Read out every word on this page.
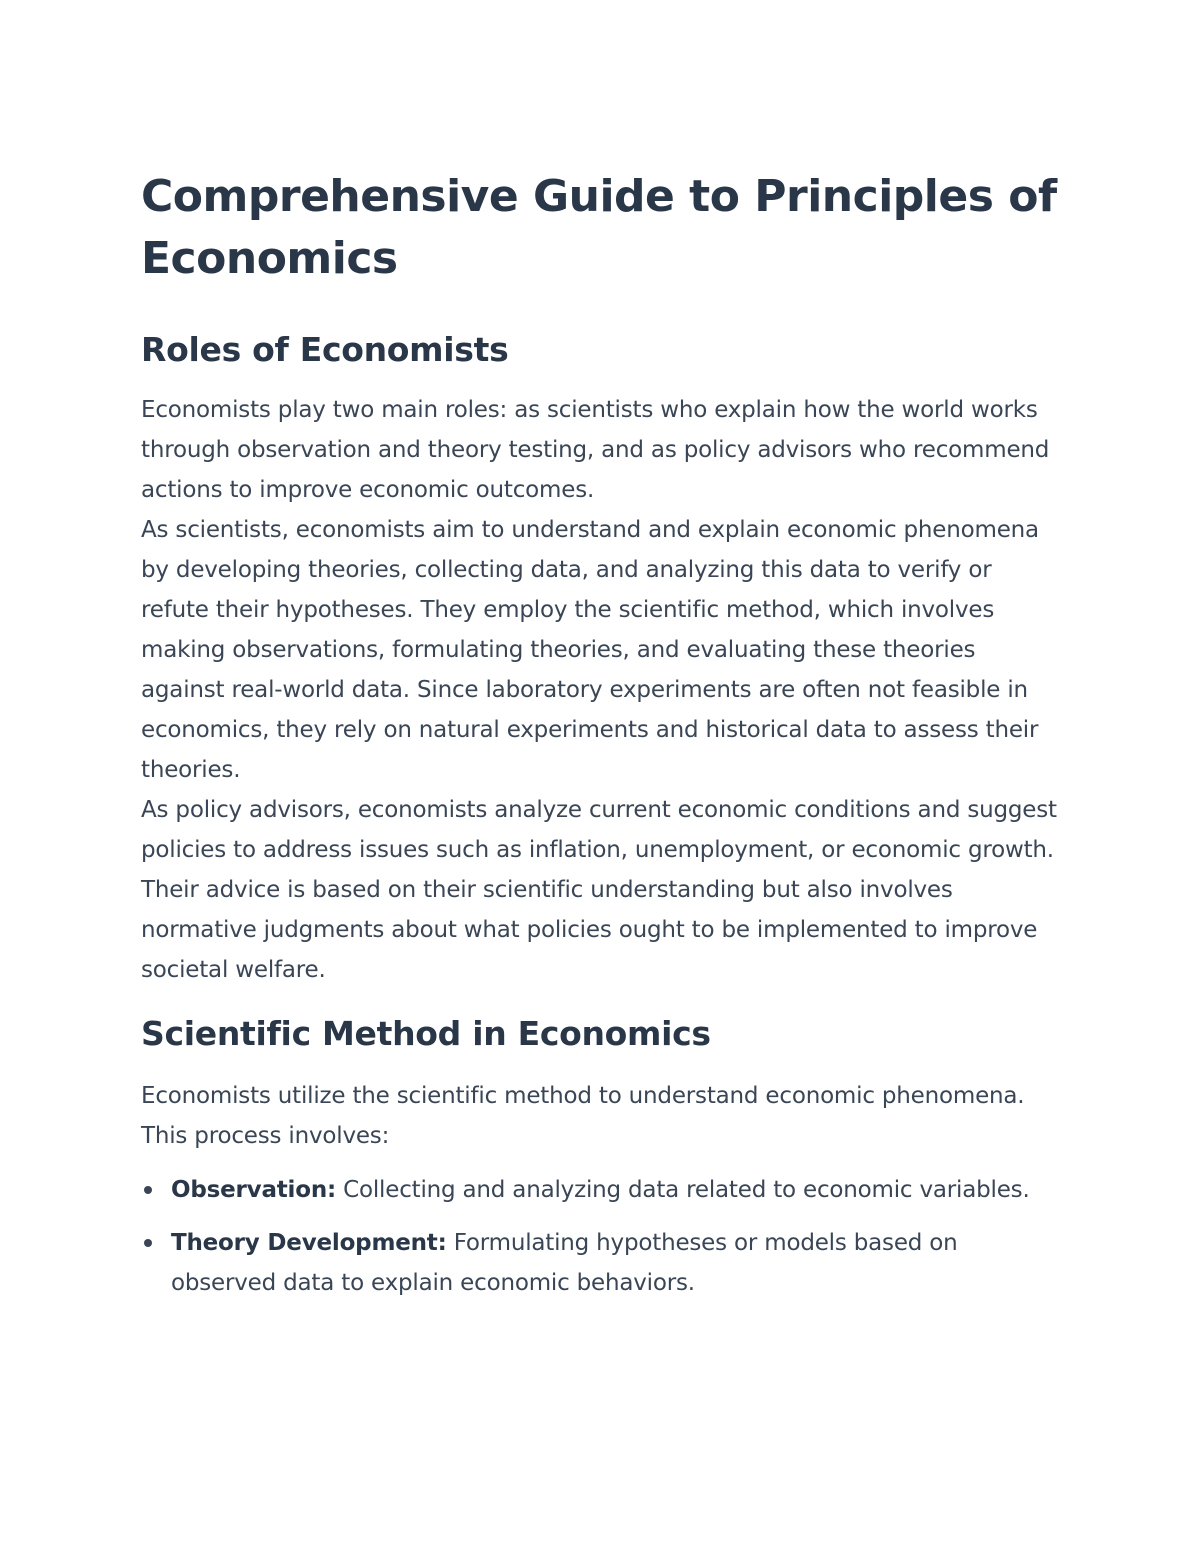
Comprehensive Guide to Principles of Economics
Roles of Economists

Economists play two main roles: as scientists who explain how the world works through observation and theory testing, and as policy advisors who recommend actions to improve economic outcomes.

As scientists, economists aim to understand and explain economic phenomena by developing theories, collecting data, and analyzing this data to verify or refute their hypotheses. They employ the scientific method, which involves making observations, formulating theories, and evaluating these theories against real-world data. Since laboratory experiments are often not feasible in economics, they rely on natural experiments and historical data to assess their theories.

As policy advisors, economists analyze current economic conditions and suggest policies to address issues such as inflation, unemployment, or economic growth. Their advice is based on their scientific understanding but also involves normative judgments about what policies ought to be implemented to improve societal welfare.

Scientific Method in Economics

Economists utilize the scientific method to understand economic phenomena. This process involves:

Observation: Collecting and analyzing data related to economic variables.
Theory Development: Formulating hypotheses or models based on observed data to explain economic behaviors.
